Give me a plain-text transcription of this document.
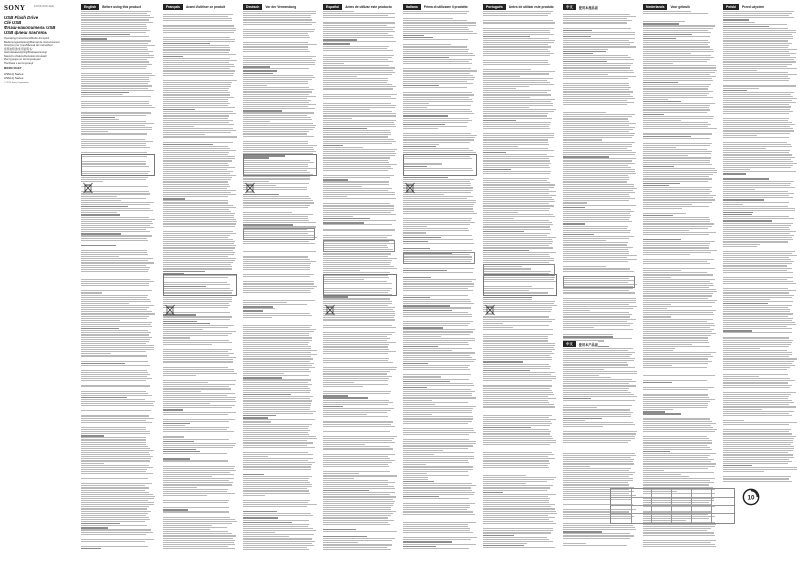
SONY	4-XXX-XXX-11(1)
USB Flash Drive
Clé USB
Флэш-накопитель USB
USB флеш пам'ять
Operating Instructions/Mode d'emploi/
Bedienungsanleitung/Manual de instrucciones/
Istruzioni per l'uso/Manual de instruções/
使用說明書/使用说明书/
Gebruiksaanwijzing/Bruksanvisning/
Návod k obsluze/Kezelési útmutató/
Инструкция по эксплуатации/
Посібник з експлуатації
MICRO VAULT
USM-Q Series
USM-Q Series
© 2012 Sony Corporation
English	Before using this product	Français	Avant d'utiliser ce produit	Deutsch	Vor der Verwendung	Español	Antes de utilizar este producto	Italiano	Prima di utilizzare il prodotto	Português	Antes de utilizar este produto	中文	使用本產品前
中文	使用本产品前
Nederlands	Voor gebruik	Polski	Przed użyciem
10
